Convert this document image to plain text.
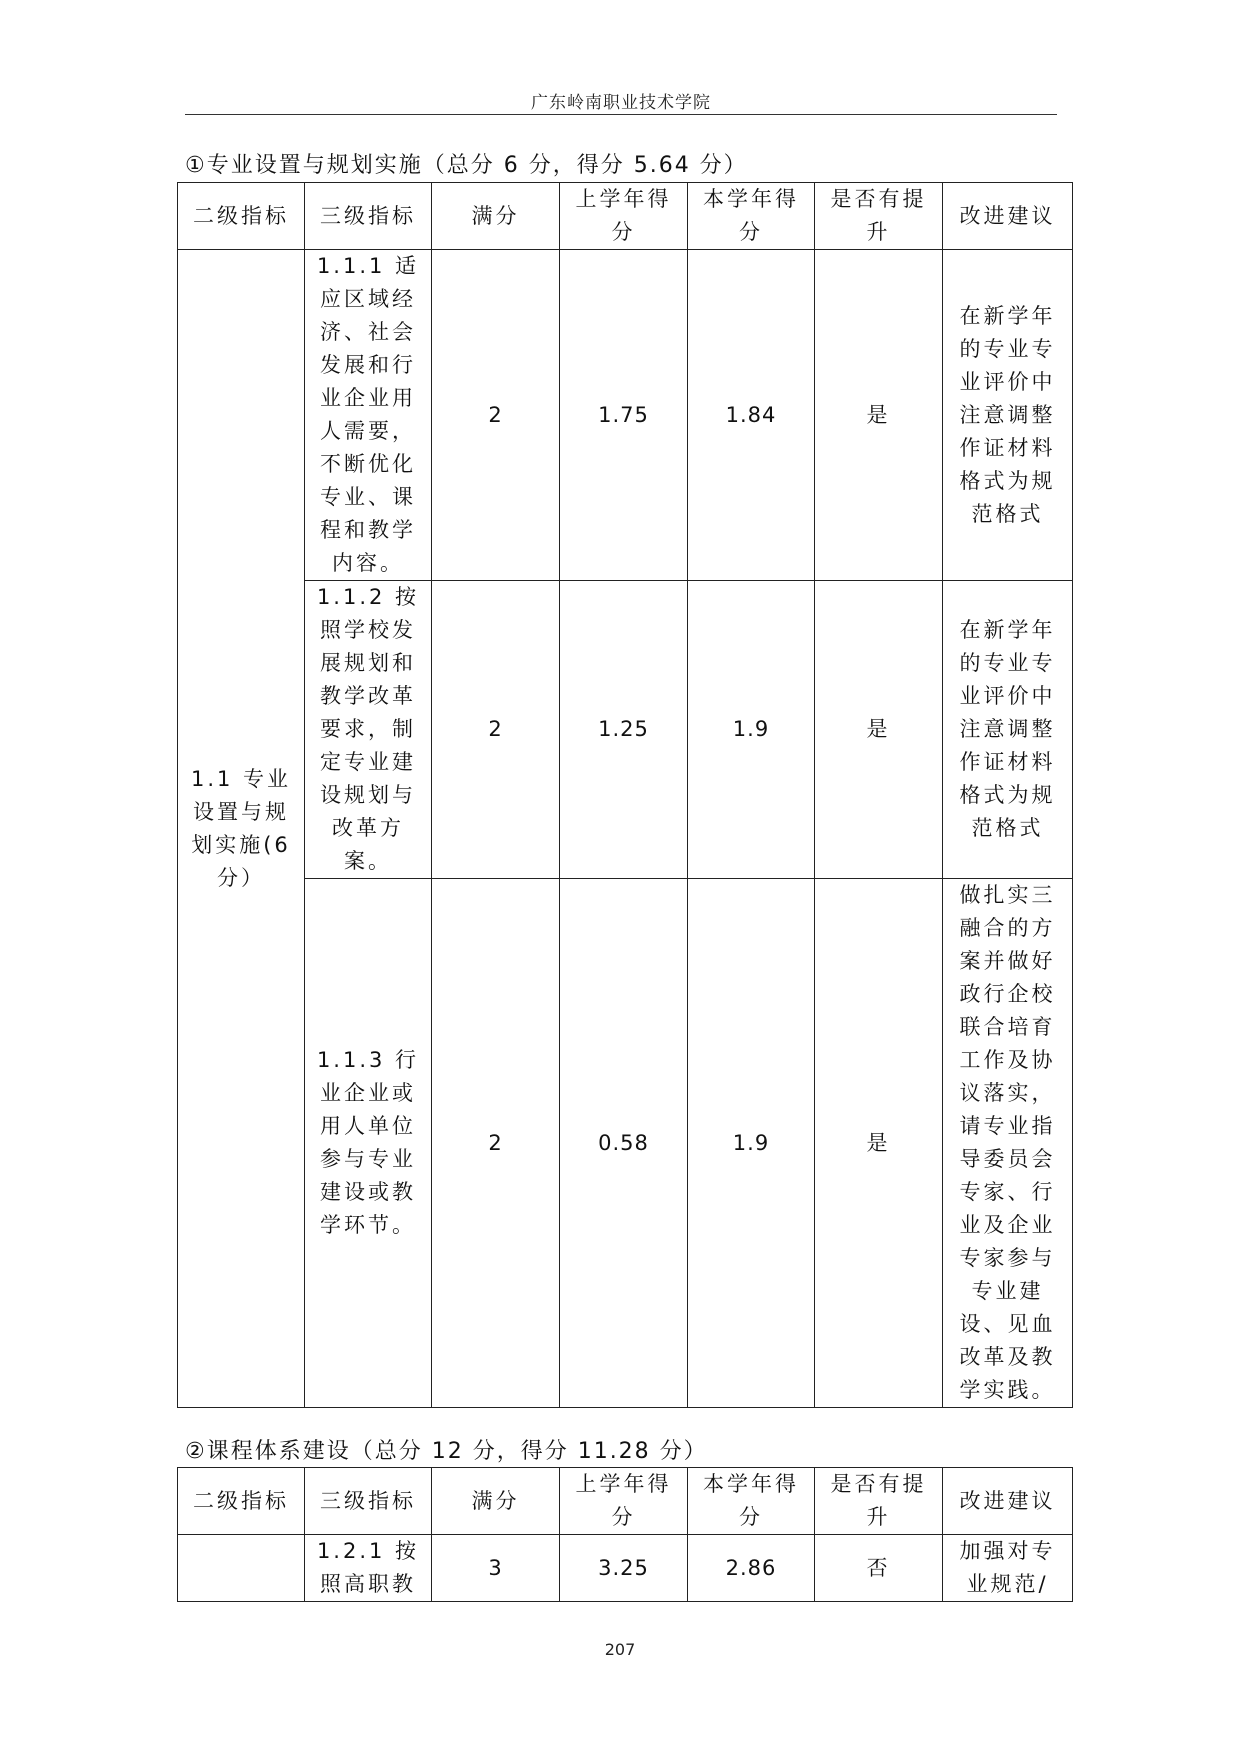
广东岭南职业技术学院
①专业设置与规划实施（总分 6 分，得分 5.64 分）
二级指标	三级指标	满分	上学年得分	本学年得分	是否有提升	改进建议
1.1 专业设置与规划实施(6 分）	1.1.1 适应区域经济、社会发展和行业企业用人需要，不断优化专业、课程和教学内容。	2	1.75	1.84	是	在新学年的专业专业评价中注意调整作证材料格式为规范格式
	1.1.2 按照学校发展规划和教学改革要求，制定专业建设规划与改革方案。	2	1.25	1.9	是	在新学年的专业专业评价中注意调整作证材料格式为规范格式
	1.1.3 行业企业或用人单位参与专业建设或教学环节。	2	0.58	1.9	是	做扎实三融合的方案并做好政行企校联合培育工作及协议落实，请专业指导委员会专家、行业及企业专家参与专业建设、见血改革及教学实践。
②课程体系建设（总分 12 分，得分 11.28 分）
二级指标	三级指标	满分	上学年得分	本学年得分	是否有提升	改进建议
	1.2.1 按照高职教	3	3.25	2.86	否	加强对专业规范/
207
